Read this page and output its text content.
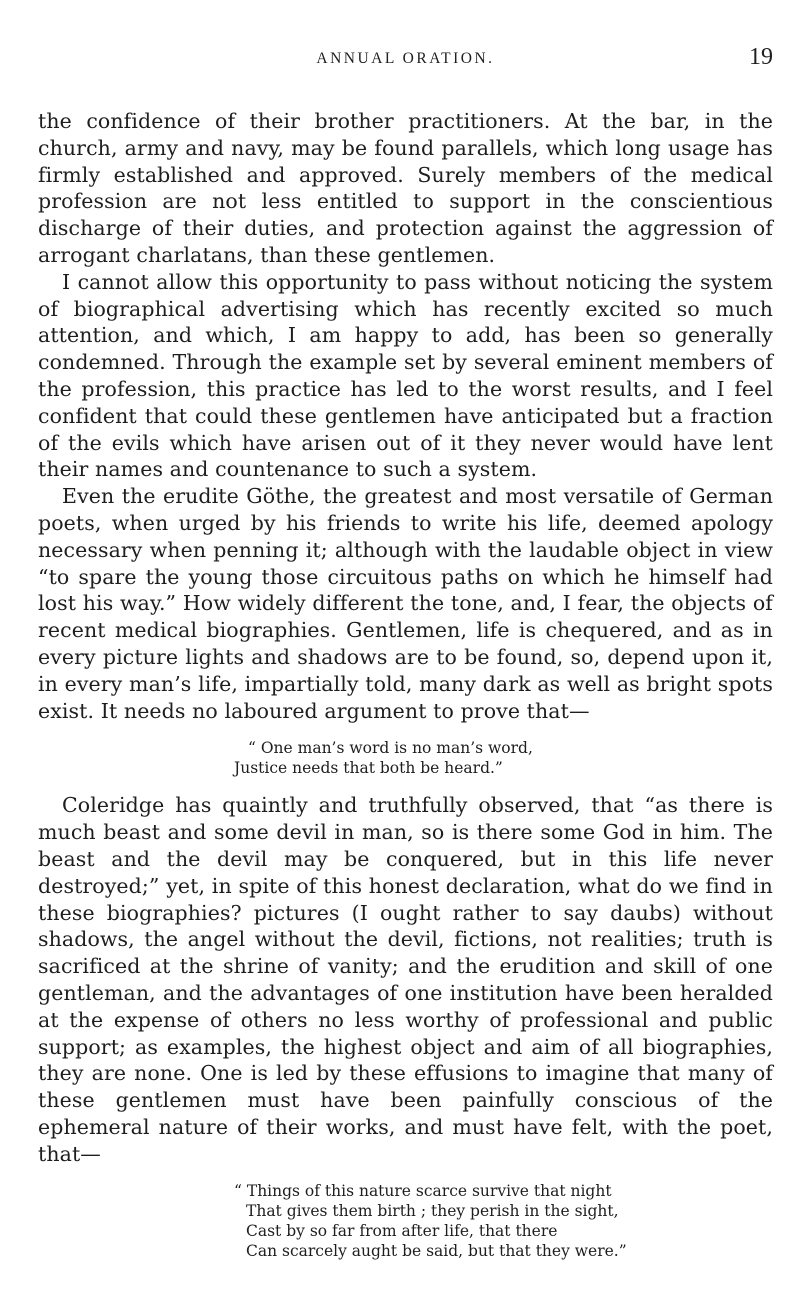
ANNUAL ORATION.	19

the confidence of their brother practitioners. At the bar, in the church, army and navy, may be found parallels, which long usage has firmly established and approved. Surely members of the medical profession are not less entitled to support in the conscientious discharge of their duties, and protection against the aggression of arrogant charlatans, than these gentlemen.

I cannot allow this opportunity to pass without noticing the system of biographical advertising which has recently excited so much attention, and which, I am happy to add, has been so generally condemned. Through the example set by several eminent members of the profession, this practice has led to the worst results, and I feel confident that could these gentlemen have anticipated but a fraction of the evils which have arisen out of it they never would have lent their names and countenance to such a system.

Even the erudite Göthe, the greatest and most versatile of German poets, when urged by his friends to write his life, deemed apology necessary when penning it; although with the laudable object in view “to spare the young those circuitous paths on which he himself had lost his way.” How widely different the tone, and, I fear, the objects of recent medical biographies. Gentlemen, life is chequered, and as in every picture lights and shadows are to be found, so, depend upon it, in every man’s life, impartially told, many dark as well as bright spots exist. It needs no laboured argument to prove that—

“ One man’s word is no man’s word,
Justice needs that both be heard.”

Coleridge has quaintly and truthfully observed, that “as there is much beast and some devil in man, so is there some God in him. The beast and the devil may be conquered, but in this life never destroyed;” yet, in spite of this honest declaration, what do we find in these biographies? pictures (I ought rather to say daubs) without shadows, the angel without the devil, fictions, not realities; truth is sacrificed at the shrine of vanity; and the erudition and skill of one gentleman, and the advantages of one institution have been heralded at the expense of others no less worthy of professional and public support; as examples, the highest object and aim of all biographies, they are none. One is led by these effusions to imagine that many of these gentlemen must have been painfully conscious of the ephemeral nature of their works, and must have felt, with the poet, that—

“ Things of this nature scarce survive that night
That gives them birth ; they perish in the sight,
Cast by so far from after life, that there
Can scarcely aught be said, but that they were.”
